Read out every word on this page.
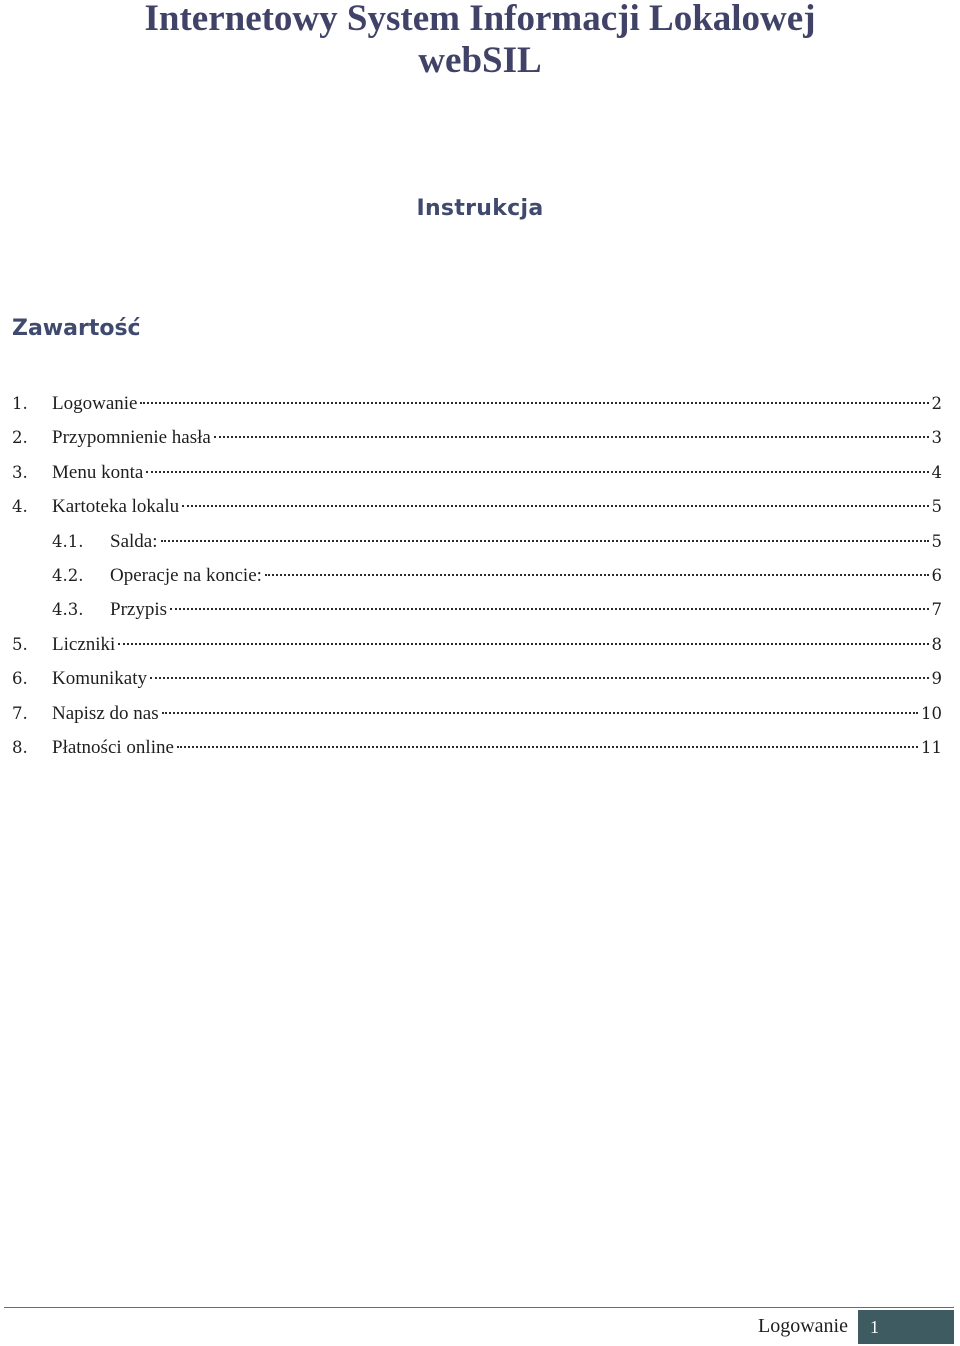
Internetowy System Informacji Lokalowej
webSIL
Instrukcja
Zawartość
1.	Logowanie	2
2.	Przypomnienie hasła	3
3.	Menu konta	4
4.	Kartoteka lokalu	5
4.1.	Salda:	5
4.2.	Operacje na koncie:	6
4.3.	Przypis	7
5.	Liczniki	8
6.	Komunikaty	9
7.	Napisz do nas	10
8.	Płatności online	11
Logowanie	1
